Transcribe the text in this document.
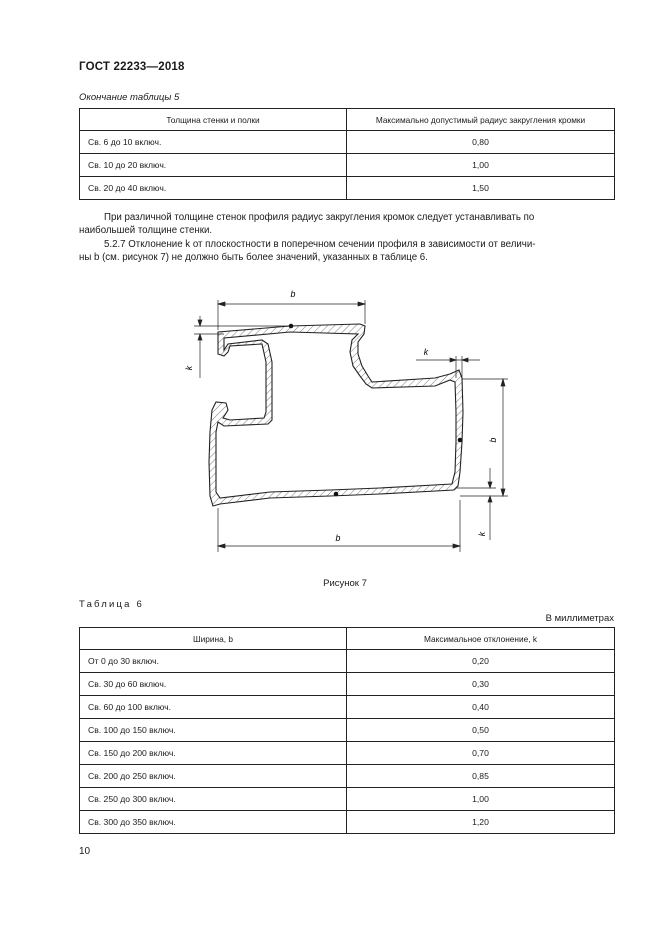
ГОСТ 22233—2018
Окончание таблицы 5
Толщина стенки и полки	Максимально допустимый радиус закругления кромки
Св. 6 до 10 включ.	0,80
Св. 10 до 20 включ.	1,00
Св. 20 до 40 включ.	1,50
При различной толщине стенок профиля радиус закругления кромок следует устанавливать по
наибольшей толщине стенки.
5.2.7 Отклонение k от плоскостности в поперечном сечении профиля в зависимости от величи-
ны b (см. рисунок 7) не должно быть более значений, указанных в таблице 6.
b
k
k
b
k
b
Рисунок 7
Таблица 6
В миллиметрах
Ширина, b	Максимальное отклонение, k
От 0 до 30 включ.	0,20
Св. 30 до 60 включ.	0,30
Св. 60 до 100 включ.	0,40
Св. 100 до 150 включ.	0,50
Св. 150 до 200 включ.	0,70
Св. 200 до 250 включ.	0,85
Св. 250 до 300 включ.	1,00
Св. 300 до 350 включ.	1,20
10
